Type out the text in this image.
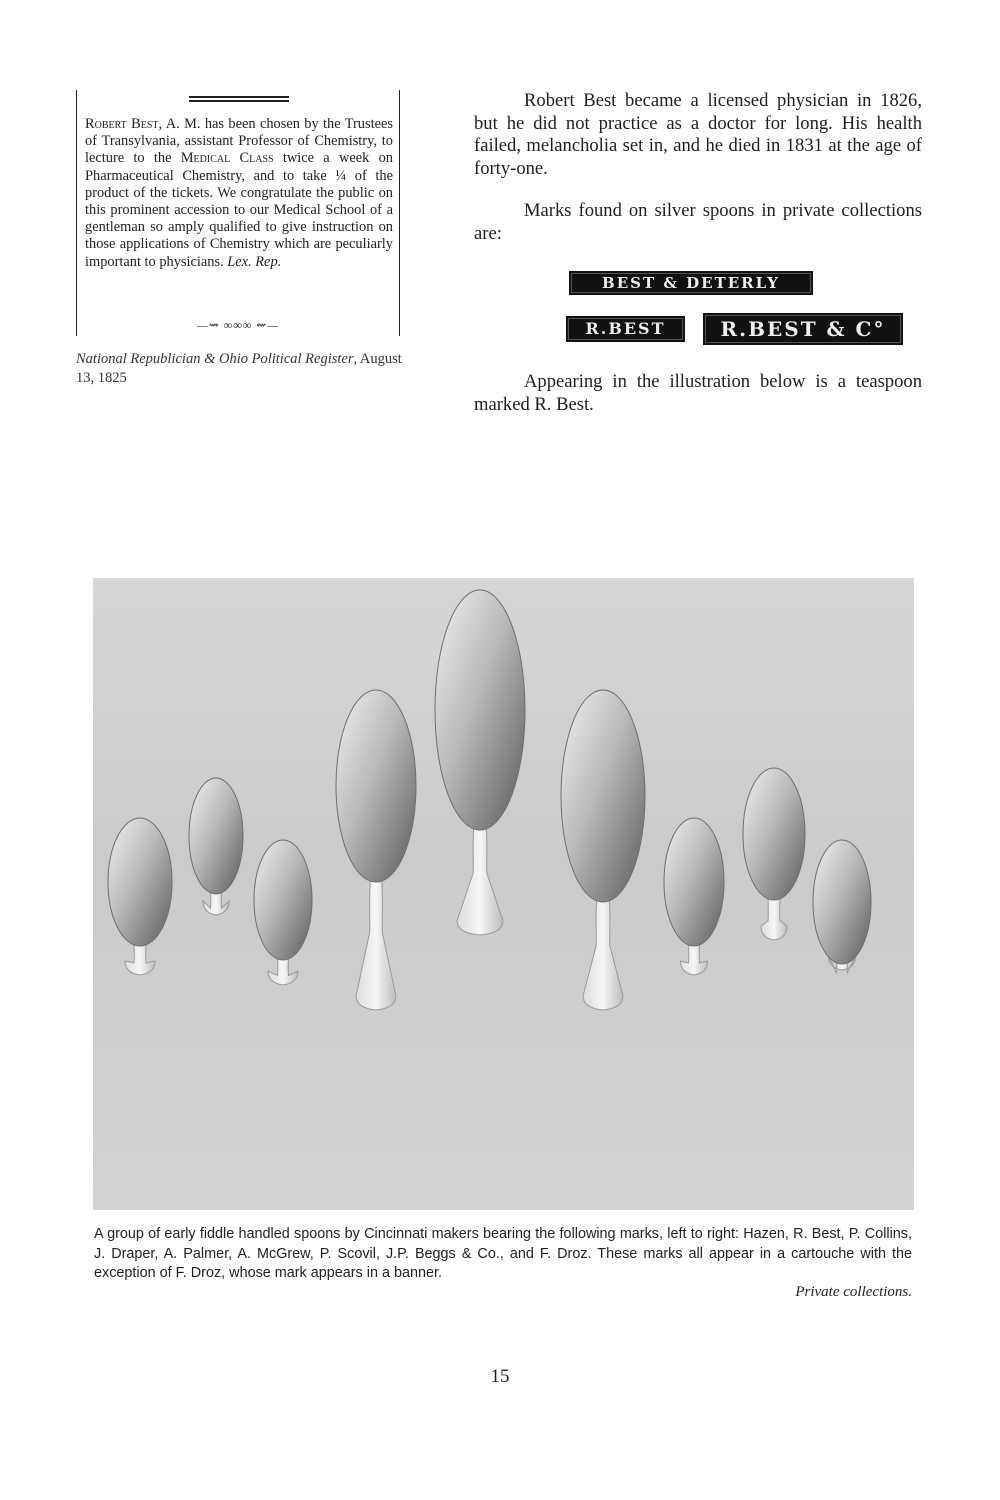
Robert Best, A. M. has been chosen by the Trustees of Transylvania, assistant Professor of Chemistry, to lecture to the Medical Class twice a week on Pharmaceutical Chemistry, and to take ¼ of the product of the tickets. We congratulate the public on this prominent accession to our Medical School of a gentleman so amply qualified to give instruction on those applications of Chemistry which are peculiarly important to physicians. Lex. Rep.

—⇝ ∞∞∞ ⇜—
National Republician & Ohio Political Register, August 13, 1825

Robert Best became a licensed physician in 1826, but he did not practice as a doctor for long. His health failed, melancholia set in, and he died in 1831 at the age of forty-one.

Marks found on silver spoons in private collections are:

BEST & DETERLY
R.BEST	R.BEST & C°

Appearing in the illustration below is a teaspoon marked R. Best.

A group of early fiddle handled spoons by Cincinnati makers bearing the following marks, left to right: Hazen, R. Best, P. Collins, J. Draper, A. Palmer, A. McGrew, P. Scovil, J.P. Beggs & Co., and F. Droz. These marks all appear in a cartouche with the exception of F. Droz, whose mark appears in a banner.
Private collections.
15
